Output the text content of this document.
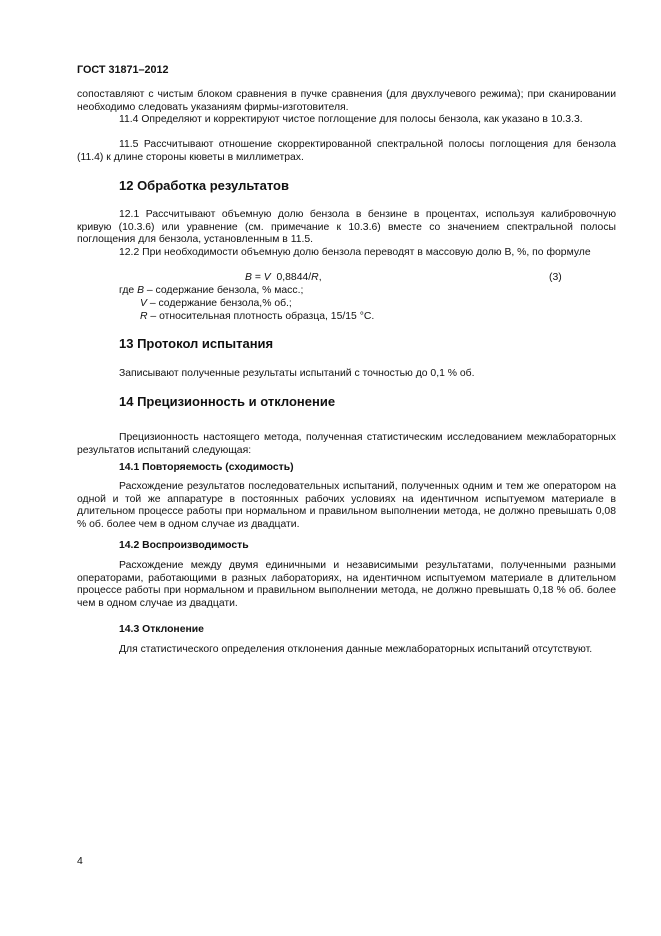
ГОСТ 31871–2012

сопоставляют с чистым блоком сравнения в пучке сравнения (для двухлучевого режима); при сканировании необходимо следовать указаниям фирмы-изготовителя.

11.4 Определяют и корректируют чистое поглощение для полосы бензола, как указано в 10.3.3.

11.5 Рассчитывают отношение скорректированной спектральной полосы поглощения для бензола (11.4) к длине стороны кюветы в миллиметрах.

12 Обработка результатов

12.1 Рассчитывают объемную долю бензола в бензине в процентах, используя калибровочную кривую (10.3.6) или уравнение (см. примечание к 10.3.6) вместе со значением спектральной полосы поглощения для бензола, установленным в 11.5.

12.2 При необходимости объемную долю бензола переводят в массовую долю B, %, по формуле

B = V  0,8844/R,	(3)
где B – содержание бензола, % масс.;
V – содержание бензола,% об.;
R – относительная плотность образца, 15/15 °С.
13 Протокол испытания

Записывают полученные результаты испытаний с точностью до 0,1 % об.

14 Прецизионность и отклонение

Прецизионность настоящего метода, полученная статистическим исследованием межлабораторных результатов испытаний следующая:

14.1 Повторяемость (сходимость)

Расхождение результатов последовательных испытаний, полученных одним и тем же оператором на одной и той же аппаратуре в постоянных рабочих условиях на идентичном испытуемом материале в длительном процессе работы при нормальном и правильном выполнении метода, не должно превышать 0,08 % об. более чем в одном случае из двадцати.

14.2 Воспроизводимость

Расхождение между двумя единичными и независимыми результатами, полученными разными операторами, работающими в разных лабораториях, на идентичном испытуемом материале в длительном процессе работы при нормальном и правильном выполнении метода, не должно превышать 0,18 % об. более чем в одном случае из двадцати.

14.3 Отклонение

Для статистического определения отклонения данные межлабораторных испытаний отсутствуют.

4
